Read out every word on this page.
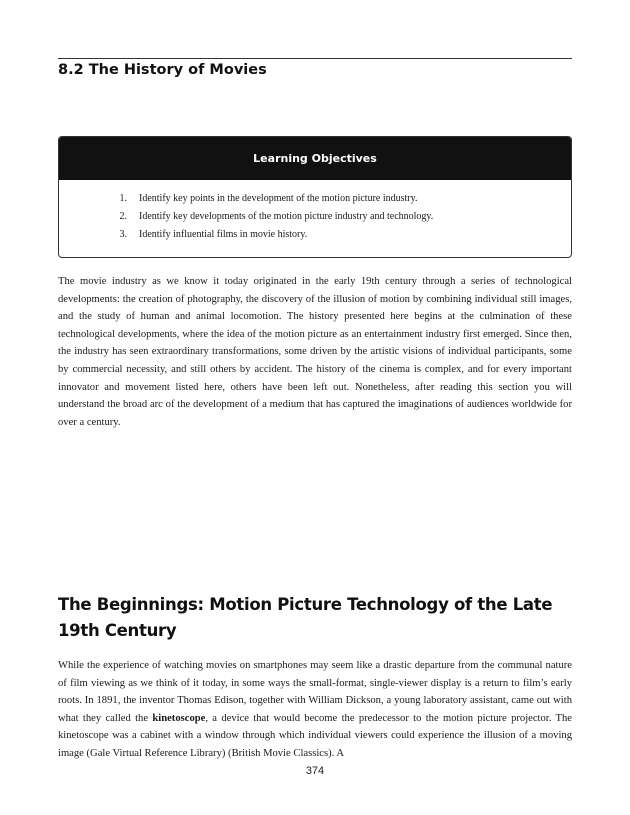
8.2 The History of Movies
Learning Objectives
1. Identify key points in the development of the motion picture industry.
2. Identify key developments of the motion picture industry and technology.
3. Identify influential films in movie history.

The movie industry as we know it today originated in the early 19th century through a series of technological developments: the creation of photography, the discovery of the illusion of motion by combining individual still images, and the study of human and animal locomotion. The history presented here begins at the culmination of these technological developments, where the idea of the motion picture as an entertainment industry first emerged. Since then, the industry has seen extraordinary transformations, some driven by the artistic visions of individual participants, some by commercial necessity, and still others by accident. The history of the cinema is complex, and for every important innovator and movement listed here, others have been left out. Nonetheless, after reading this section you will understand the broad arc of the development of a medium that has captured the imaginations of audiences worldwide for over a century.

The Beginnings: Motion Picture Technology of the Late 19th Century

While the experience of watching movies on smartphones may seem like a drastic departure from the communal nature of film viewing as we think of it today, in some ways the small-format, single-viewer display is a return to film’s early roots. In 1891, the inventor Thomas Edison, together with William Dickson, a young laboratory assistant, came out with what they called the kinetoscope, a device that would become the predecessor to the motion picture projector. The kinetoscope was a cabinet with a window through which individual viewers could experience the illusion of a moving image (Gale Virtual Reference Library) (British Movie Classics). A

374
